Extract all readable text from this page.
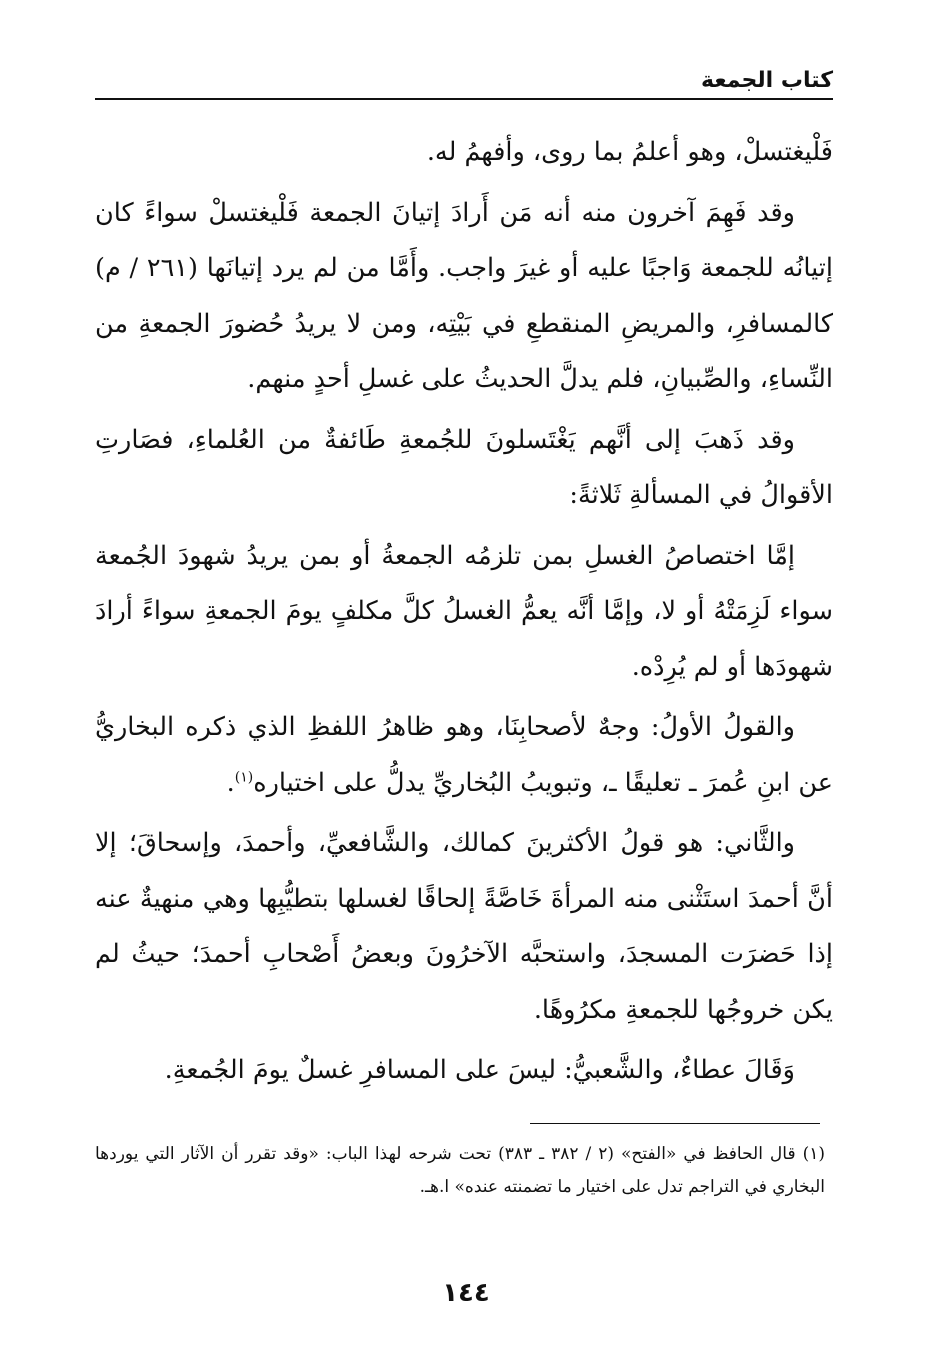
كتاب الجمعة

فَلْيغتسلْ، وهو أعلمُ بما روى، وأفهمُ له.

وقد فَهِمَ آخرون منه أنه مَن أَرادَ إتيانَ الجمعة فَلْيغتسلْ سواءً كان إتيانُه للجمعة وَاجبًا عليه أو غيرَ واجب. وأَمَّا من لم يرد إتيانَها (٢٦١ / م) كالمسافرِ، والمريضِ المنقطعِ في بَيْتِه، ومن لا يريدُ حُضورَ الجمعةِ من النِّساءِ، والصِّبيانِ، فلم يدلَّ الحديثُ على غسلِ أحدٍ منهم.

وقد ذَهبَ إلى أنَّهم يَغْتَسلونَ للجُمعةِ طَائفةٌ من العُلماءِ، فصَارتِ الأقوالُ في المسألةِ ثَلاثةً:

إمَّا اختصاصُ الغسلِ بمن تلزمُه الجمعةُ أو بمن يريدُ شهودَ الجُمعة سواء لَزِمَتْهُ أو لا، وإمَّا أنَّه يعمُّ الغسلُ كلَّ مكلفٍ يومَ الجمعةِ سواءً أرادَ شهودَها أو لم يُرِدْه.

والقولُ الأولُ: وجهٌ لأصحابِنَا، وهو ظاهرُ اللفظِ الذي ذكره البخاريُّ عن ابنِ عُمرَ ـ تعليقًا ـ، وتبويبُ البُخاريِّ يدلُّ على اختياره$^{(١)}$.

والثَّاني: هو قولُ الأكثرينَ كمالك، والشَّافعيِّ، وأحمدَ، وإسحاقَ؛ إلا أنَّ أحمدَ استَثْنى منه المرأةَ خَاصَّةً إلحاقًا لغسلها بتطيُّبِها وهي منهيةٌ عنه إذا حَضرَت المسجدَ، واستحبَّه الآخرُونَ وبعضُ أَصْحابِ أحمدَ؛ حيثُ لم يكن خروجُها للجمعةِ مكرُوهًا.

وَقَالَ عطاءٌ، والشَّعبيُّ: ليسَ على المسافرِ غسلٌ يومَ الجُمعةِ.

(١) قال الحافظ في «الفتح» (٢ / ٣٨٢ ـ ٣٨٣) تحت شرحه لهذا الباب: «وقد تقرر أن الآثار التي يوردها البخاري في التراجم تدل على اختيار ما تضمنته عنده» ا.هـ.

١٤٤
